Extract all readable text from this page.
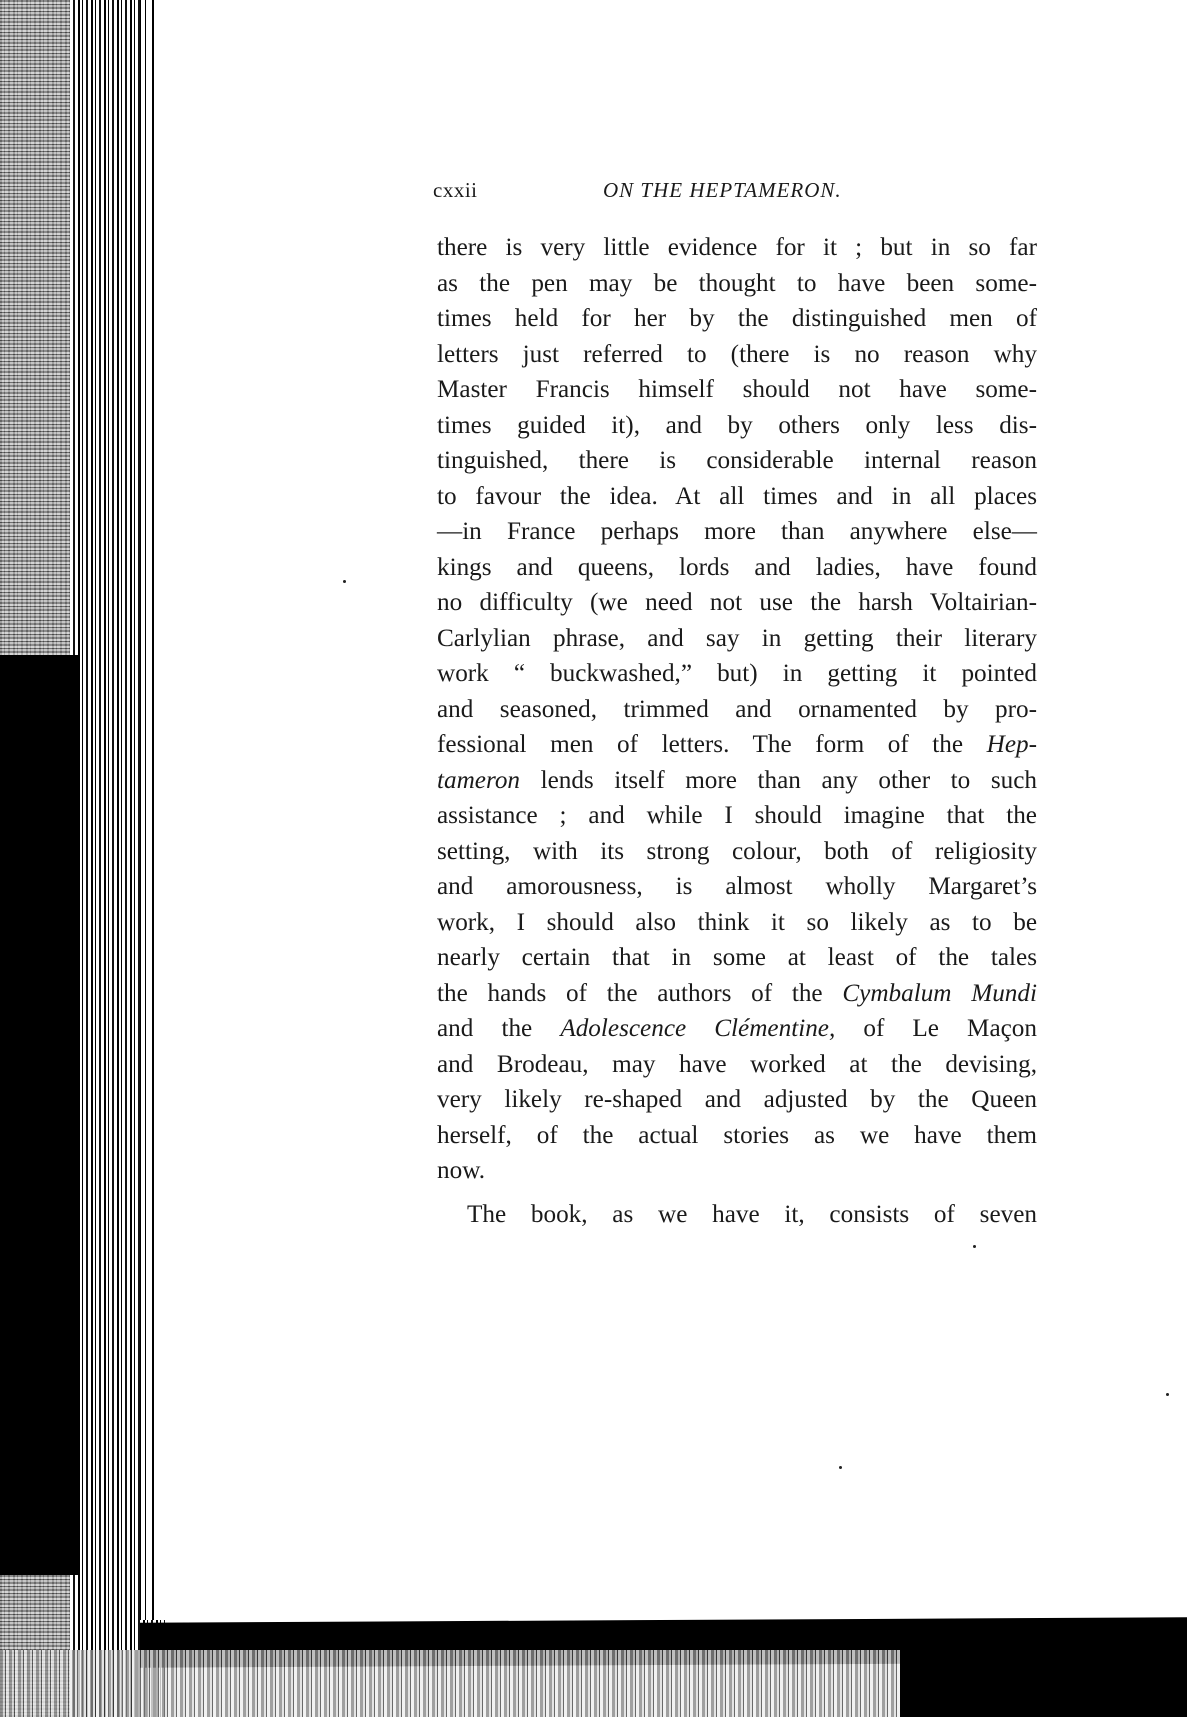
cxxii	ON THE HEPTAMERON.
there is very little evidence for it ; but in so far
as the pen may be thought to have been some-
times held for her by the distinguished men of
letters just referred to (there is no reason why
Master Francis himself should not have some-
times guided it), and by others only less dis-
tinguished, there is considerable internal reason
to favour the idea. At all times and in all places
—in France perhaps more than anywhere else—
kings and queens, lords and ladies, have found
no difficulty (we need not use the harsh Voltairian-
Carlylian phrase, and say in getting their literary
work “ buckwashed,” but) in getting it pointed
and seasoned, trimmed and ornamented by pro-
fessional men of letters. The form of the Hep-
tameron lends itself more than any other to such
assistance ; and while I should imagine that the
setting, with its strong colour, both of religiosity
and amorousness, is almost wholly Margaret’s
work, I should also think it so likely as to be
nearly certain that in some at least of the tales
the hands of the authors of the Cymbalum Mundi
and the Adolescence Clémentine, of Le Maçon
and Brodeau, may have worked at the devising,
very likely re-shaped and adjusted by the Queen
herself, of the actual stories as we have them
now.
The book, as we have it, consists of seven
